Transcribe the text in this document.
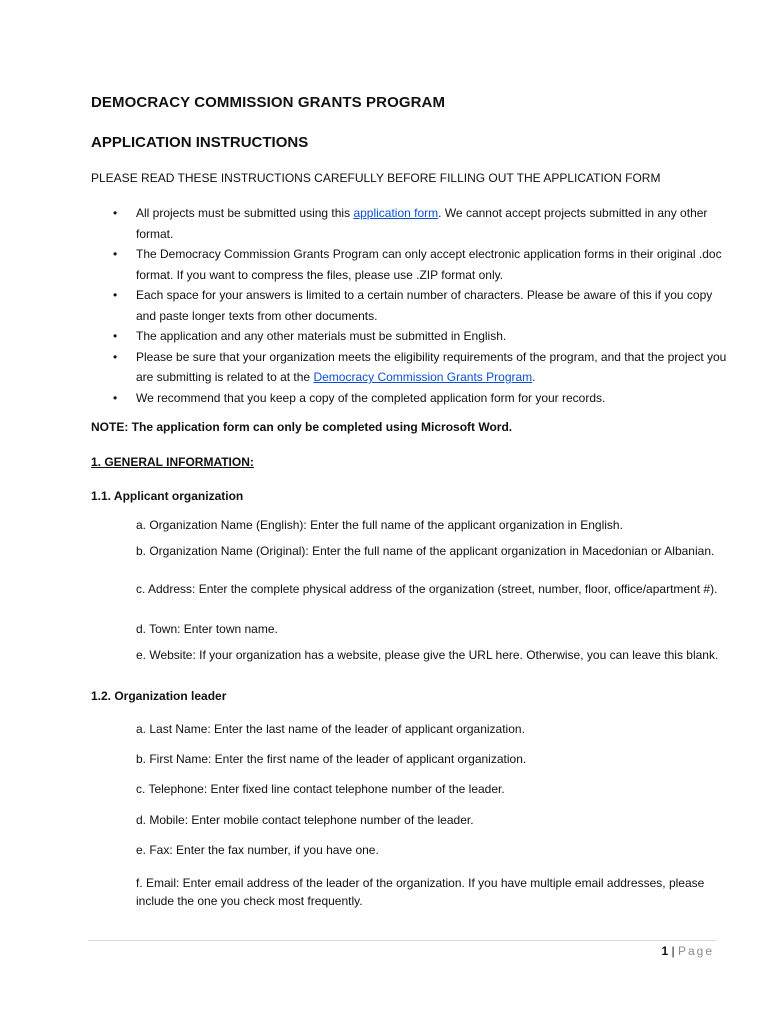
DEMOCRACY COMMISSION GRANTS PROGRAM
APPLICATION INSTRUCTIONS
PLEASE READ THESE INSTRUCTIONS CAREFULLY BEFORE FILLING OUT THE APPLICATION FORM
• All projects must be submitted using this application form. We cannot accept projects submitted in any other format.
• The Democracy Commission Grants Program can only accept electronic application forms in their original .doc format. If you want to compress the files, please use .ZIP format only.
• Each space for your answers is limited to a certain number of characters. Please be aware of this if you copy and paste longer texts from other documents.
• The application and any other materials must be submitted in English.
• Please be sure that your organization meets the eligibility requirements of the program, and that the project you are submitting is related to at the Democracy Commission Grants Program.
• We recommend that you keep a copy of the completed application form for your records.
NOTE: The application form can only be completed using Microsoft Word.
1. GENERAL INFORMATION:
1.1. Applicant organization
a. Organization Name (English): Enter the full name of the applicant organization in English.
b. Organization Name (Original): Enter the full name of the applicant organization in Macedonian or Albanian.
c. Address: Enter the complete physical address of the organization (street, number, floor, office/apartment #).
d. Town: Enter town name.
e. Website: If your organization has a website, please give the URL here. Otherwise, you can leave this blank.
1.2. Organization leader
a. Last Name: Enter the last name of the leader of applicant organization.
b. First Name: Enter the first name of the leader of applicant organization.
c. Telephone: Enter fixed line contact telephone number of the leader.
d. Mobile: Enter mobile contact telephone number of the leader.
e. Fax: Enter the fax number, if you have one.
f. Email: Enter email address of the leader of the organization. If you have multiple email addresses, please include the one you check most frequently.
1 | Page
